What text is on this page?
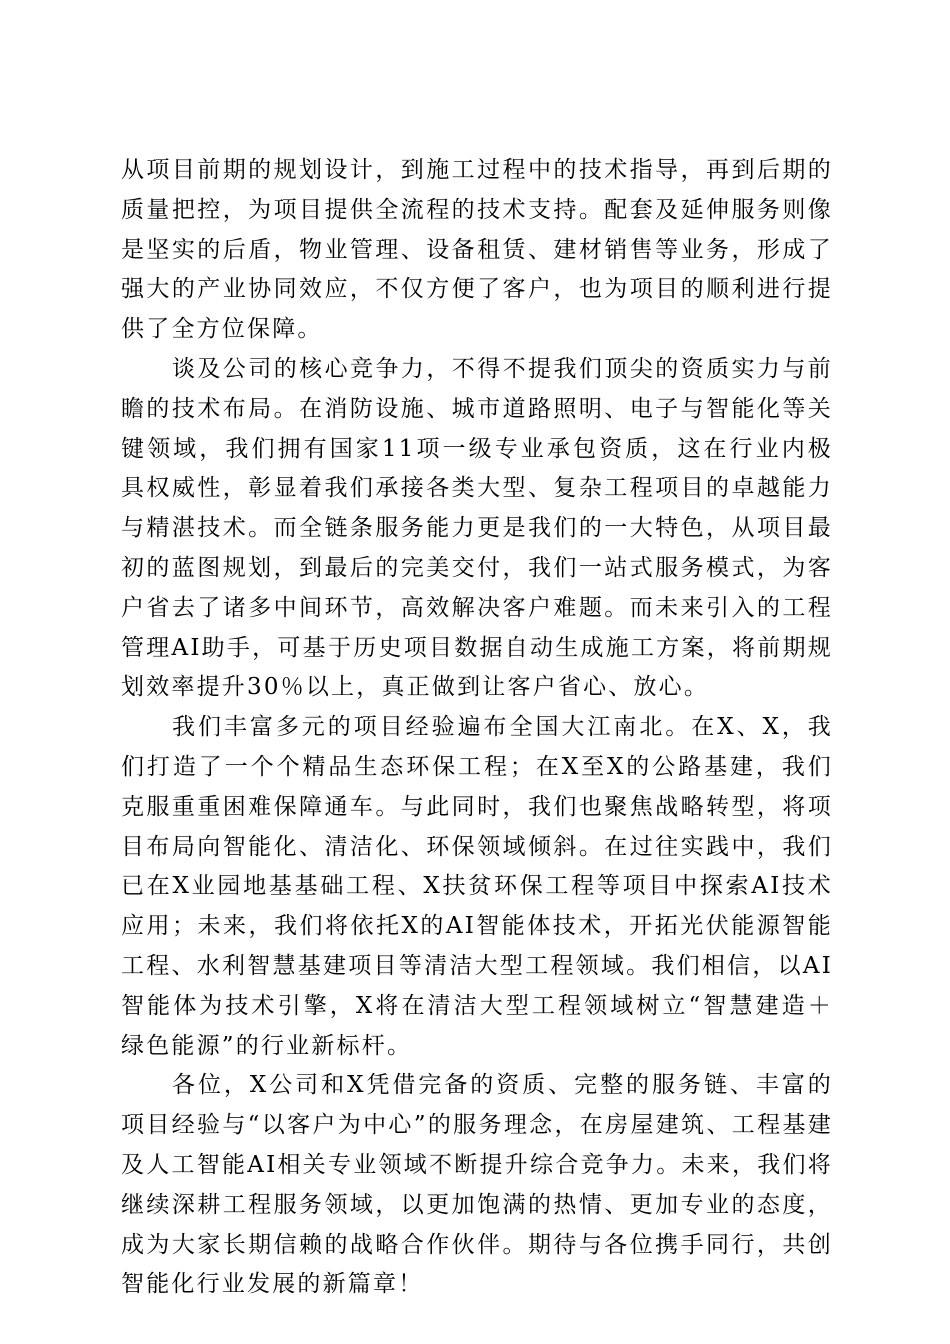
从项目前期的规划设计，到施工过程中的技术指导，再到后期的质量把控，为项目提供全流程的技术支持。配套及延伸服务则像是坚实的后盾，物业管理、设备租赁、建材销售等业务，形成了强大的产业协同效应，不仅方便了客户，也为项目的顺利进行提供了全方位保障。

谈及公司的核心竞争力，不得不提我们顶尖的资质实力与前瞻的技术布局。在消防设施、城市道路照明、电子与智能化等关键领域，我们拥有国家11项一级专业承包资质，这在行业内极具权威性，彰显着我们承接各类大型、复杂工程项目的卓越能力与精湛技术。而全链条服务能力更是我们的一大特色，从项目最初的蓝图规划，到最后的完美交付，我们一站式服务模式，为客户省去了诸多中间环节，高效解决客户难题。而未来引入的工程管理AI助手，可基于历史项目数据自动生成施工方案，将前期规划效率提升30％以上，真正做到让客户省心、放心。

我们丰富多元的项目经验遍布全国大江南北。在X、X，我们打造了一个个精品生态环保工程；在X至X的公路基建，我们克服重重困难保障通车。与此同时，我们也聚焦战略转型，将项目布局向智能化、清洁化、环保领域倾斜。在过往实践中，我们已在X业园地基基础工程、X扶贫环保工程等项目中探索AI技术应用；未来，我们将依托X的AI智能体技术，开拓光伏能源智能工程、水利智慧基建项目等清洁大型工程领域。我们相信，以AI智能体为技术引擎，X将在清洁大型工程领域树立“智慧建造＋绿色能源”的行业新标杆。

各位，X公司和X凭借完备的资质、完整的服务链、丰富的项目经验与“以客户为中心”的服务理念，在房屋建筑、工程基建及人工智能AI相关专业领域不断提升综合竞争力。未来，我们将继续深耕工程服务领域，以更加饱满的热情、更加专业的态度，成为大家长期信赖的战略合作伙伴。期待与各位携手同行，共创智能化行业发展的新篇章！
